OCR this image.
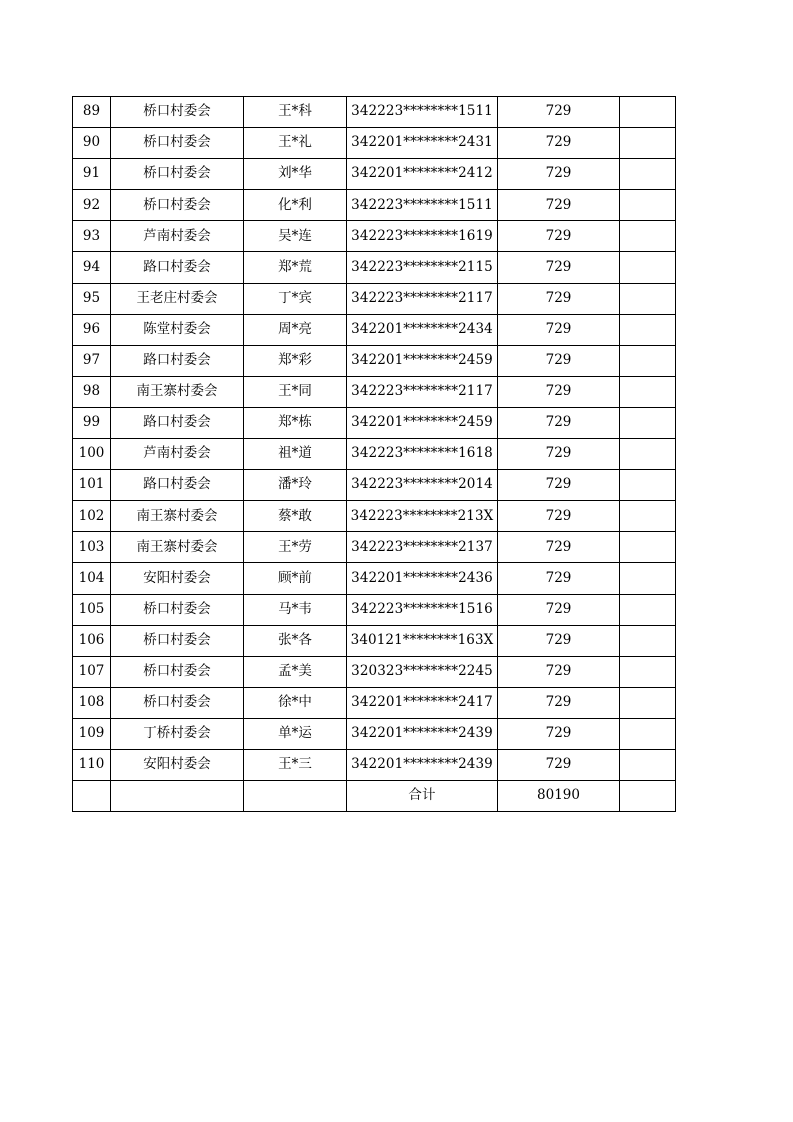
89	桥口村委会	王*科	342223********1511	729	
90	桥口村委会	王*礼	342201********2431	729	
91	桥口村委会	刘*华	342201********2412	729	
92	桥口村委会	化*利	342223********1511	729	
93	芦南村委会	吴*连	342223********1619	729	
94	路口村委会	郑*荒	342223********2115	729	
95	王老庄村委会	丁*宾	342223********2117	729	
96	陈堂村委会	周*亮	342201********2434	729	
97	路口村委会	郑*彩	342201********2459	729	
98	南王寨村委会	王*同	342223********2117	729	
99	路口村委会	郑*栋	342201********2459	729	
100	芦南村委会	祖*道	342223********1618	729	
101	路口村委会	潘*玲	342223********2014	729	
102	南王寨村委会	蔡*敢	342223********213X	729	
103	南王寨村委会	王*劳	342223********2137	729	
104	安阳村委会	顾*前	342201********2436	729	
105	桥口村委会	马*韦	342223********1516	729	
106	桥口村委会	张*各	340121********163X	729	
107	桥口村委会	孟*美	320323********2245	729	
108	桥口村委会	徐*中	342201********2417	729	
109	丁桥村委会	单*运	342201********2439	729	
110	安阳村委会	王*三	342201********2439	729	
			合计	80190	
